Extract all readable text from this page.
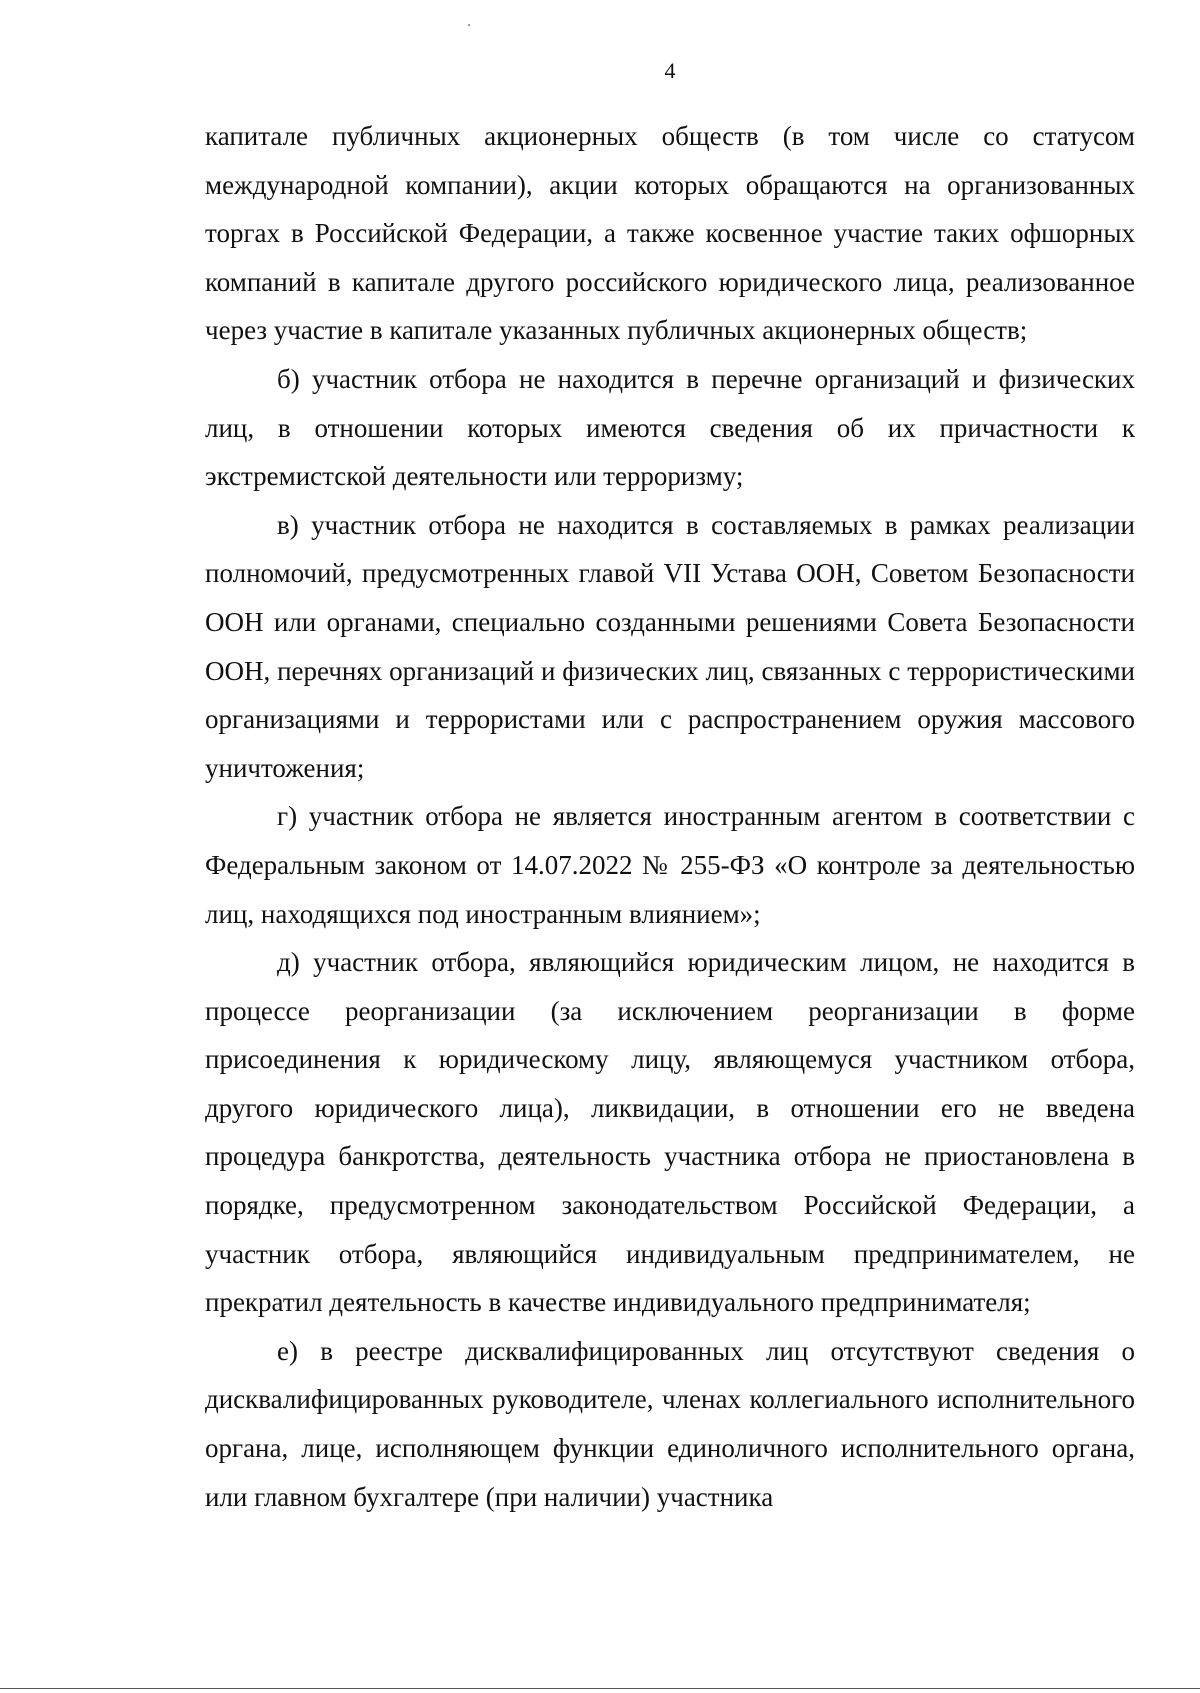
4

капитале публичных акционерных обществ (в том числе со статусом международной компании), акции которых обращаются на организованных торгах в Российской Федерации, а также косвенное участие таких офшорных компаний в капитале другого российского юридического лица, реализованное через участие в капитале указанных публичных акционерных обществ;

б) участник отбора не находится в перечне организаций и физических лиц, в отношении которых имеются сведения об их причастности к экстремистской деятельности или терроризму;

в) участник отбора не находится в составляемых в рамках реализации полномочий, предусмотренных главой VII Устава ООН, Советом Безопасности ООН или органами, специально созданными решениями Совета Безопасности ООН, перечнях организаций и физических лиц, связанных с террористическими организациями и террористами или с распространением оружия массового уничтожения;

г) участник отбора не является иностранным агентом в соответствии с Федеральным законом от 14.07.2022 № 255-ФЗ «О контроле за деятельностью лиц, находящихся под иностранным влиянием»;

д) участник отбора, являющийся юридическим лицом, не находится в процессе реорганизации (за исключением реорганизации в форме присоединения к юридическому лицу, являющемуся участником отбора, другого юридического лица), ликвидации, в отношении его не введена процедура банкротства, деятельность участника отбора не приостановлена в порядке, предусмотренном законодательством Российской Федерации, а участник отбора, являющийся индивидуальным предпринимателем, не прекратил деятельность в качестве индивидуального предпринимателя;

е) в реестре дисквалифицированных лиц отсутствуют сведения о дисквалифицированных руководителе, членах коллегиального исполнительного органа, лице, исполняющем функции единоличного исполнительного органа, или главном бухгалтере (при наличии) участника
